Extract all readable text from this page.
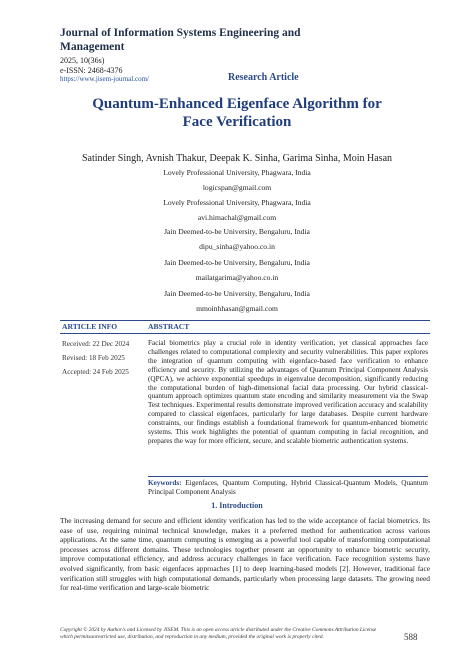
Journal of Information Systems Engineering and Management
2025, 10(36s)
e-ISSN: 2468-4376
https://www.jisem-journal.com/	Research Article
Quantum-Enhanced Eigenface Algorithm for Face Verification
Satinder Singh, Avnish Thakur, Deepak K. Sinha, Garima Sinha, Moin Hasan
Lovely Professional University, Phagwara, India
logicspan@gmail.com
Lovely Professional University, Phagwara, India
avi.himachal@gmail.com
Jain Deemed-to-be University, Bengaluru, India
dipu_sinha@yahoo.co.in
Jain Deemed-to-be University, Bengaluru, India
mailatgarima@yahoo.co.in
Jain Deemed-to-be University, Bengaluru, India
mmoinhhasan@gmail.com
ARTICLE INFO	ABSTRACT
Received: 22 Dec 2024
Revised: 18 Feb 2025
Accepted: 24 Feb 2025
Facial biometrics play a crucial role in identity verification, yet classical approaches face challenges related to computational complexity and security vulnerabilities. This paper explores the integration of quantum computing with eigenface-based face verification to enhance efficiency and security. By utilizing the advantages of Quantum Principal Component Analysis (QPCA), we achieve exponential speedups in eigenvalue decomposition, significantly reducing the computational burden of high-dimensional facial data processing. Our hybrid classical-quantum approach optimizes quantum state encoding and similarity measurement via the Swap Test techniques. Experimental results demonstrate improved verification accuracy and scalability compared to classical eigenfaces, particularly for large databases. Despite current hardware constraints, our findings establish a foundational framework for quantum-enhanced biometric systems. This work highlights the potential of quantum computing in facial recognition, and prepares the way for more efficient, secure, and scalable biometric authentication systems.
Keywords: Eigenfaces, Quantum Computing, Hybrid Classical-Quantum Models, Quantum Principal Component Analysis
1. Introduction
The increasing demand for secure and efficient identity verification has led to the wide acceptance of facial biometrics. Its ease of use, requiring minimal technical knowledge, makes it a preferred method for authentication across various applications. At the same time, quantum computing is emerging as a powerful tool capable of transforming computational processes across different domains. These technologies together present an opportunity to enhance biometric security, improve computational efficiency, and address accuracy challenges in face verification. Face recognition systems have evolved significantly, from basic eigenfaces approaches [1] to deep learning-based models [2]. However, traditional face verification still struggles with high computational demands, particularly when processing large datasets. The growing need for real-time verification and large-scale biometric
Copyright © 2024 by Author/s and Licensed by JISEM. This is an open access article distributed under the Creative Commons Attribution License which permitsunrestricted use, distribution, and reproduction in any medium, provided the original work is properly cited.	588
